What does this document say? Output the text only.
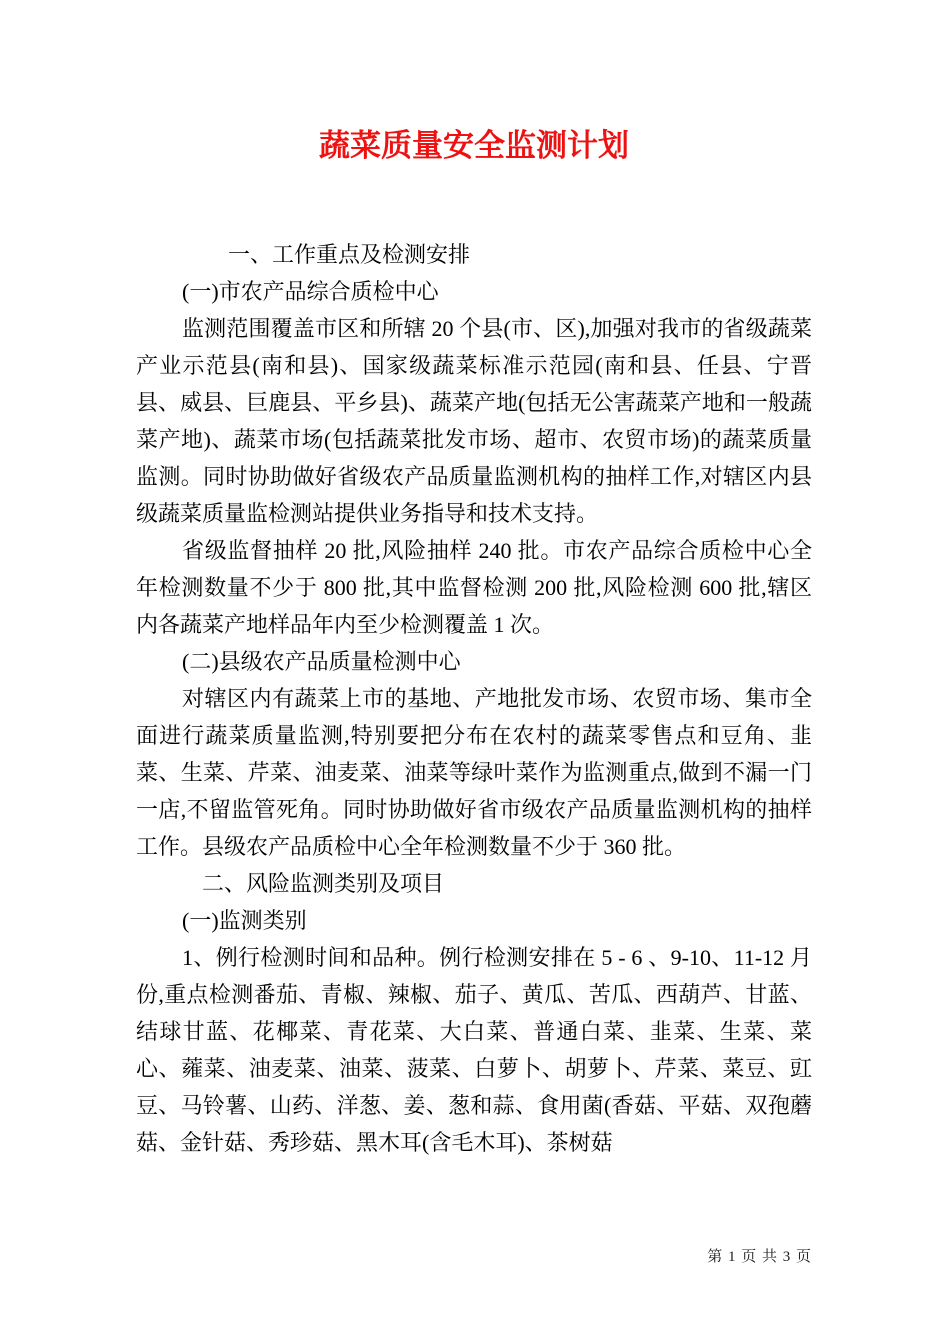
蔬菜质量安全监测计划

一、工作重点及检测安排

(一)市农产品综合质检中心

监测范围覆盖市区和所辖 20 个县(市、区),加强对我市的省级蔬菜产业示范县(南和县)、国家级蔬菜标准示范园(南和县、任县、宁晋县、威县、巨鹿县、平乡县)、蔬菜产地(包括无公害蔬菜产地和一般蔬菜产地)、蔬菜市场(包括蔬菜批发市场、超市、农贸市场)的蔬菜质量监测。同时协助做好省级农产品质量监测机构的抽样工作,对辖区内县级蔬菜质量监检测站提供业务指导和技术支持。

省级监督抽样 20 批,风险抽样 240 批。市农产品综合质检中心全年检测数量不少于 800 批,其中监督检测 200 批,风险检测 600 批,辖区内各蔬菜产地样品年内至少检测覆盖 1 次。

(二)县级农产品质量检测中心

对辖区内有蔬菜上市的基地、产地批发市场、农贸市场、集市全面进行蔬菜质量监测,特别要把分布在农村的蔬菜零售点和豆角、韭菜、生菜、芹菜、油麦菜、油菜等绿叶菜作为监测重点,做到不漏一门一店,不留监管死角。同时协助做好省市级农产品质量监测机构的抽样工作。县级农产品质检中心全年检测数量不少于 360 批。

二、风险监测类别及项目

(一)监测类别

1、例行检测时间和品种。例行检测安排在 5 - 6 、9-10、11-12 月份,重点检测番茄、青椒、辣椒、茄子、黄瓜、苦瓜、西葫芦、甘蓝、结球甘蓝、花椰菜、青花菜、大白菜、普通白菜、韭菜、生菜、菜心、蕹菜、油麦菜、油菜、菠菜、白萝卜、胡萝卜、芹菜、菜豆、豇豆、马铃薯、山药、洋葱、姜、葱和蒜、食用菌(香菇、平菇、双孢蘑菇、金针菇、秀珍菇、黑木耳(含毛木耳)、茶树菇

第 1 页 共 3 页
